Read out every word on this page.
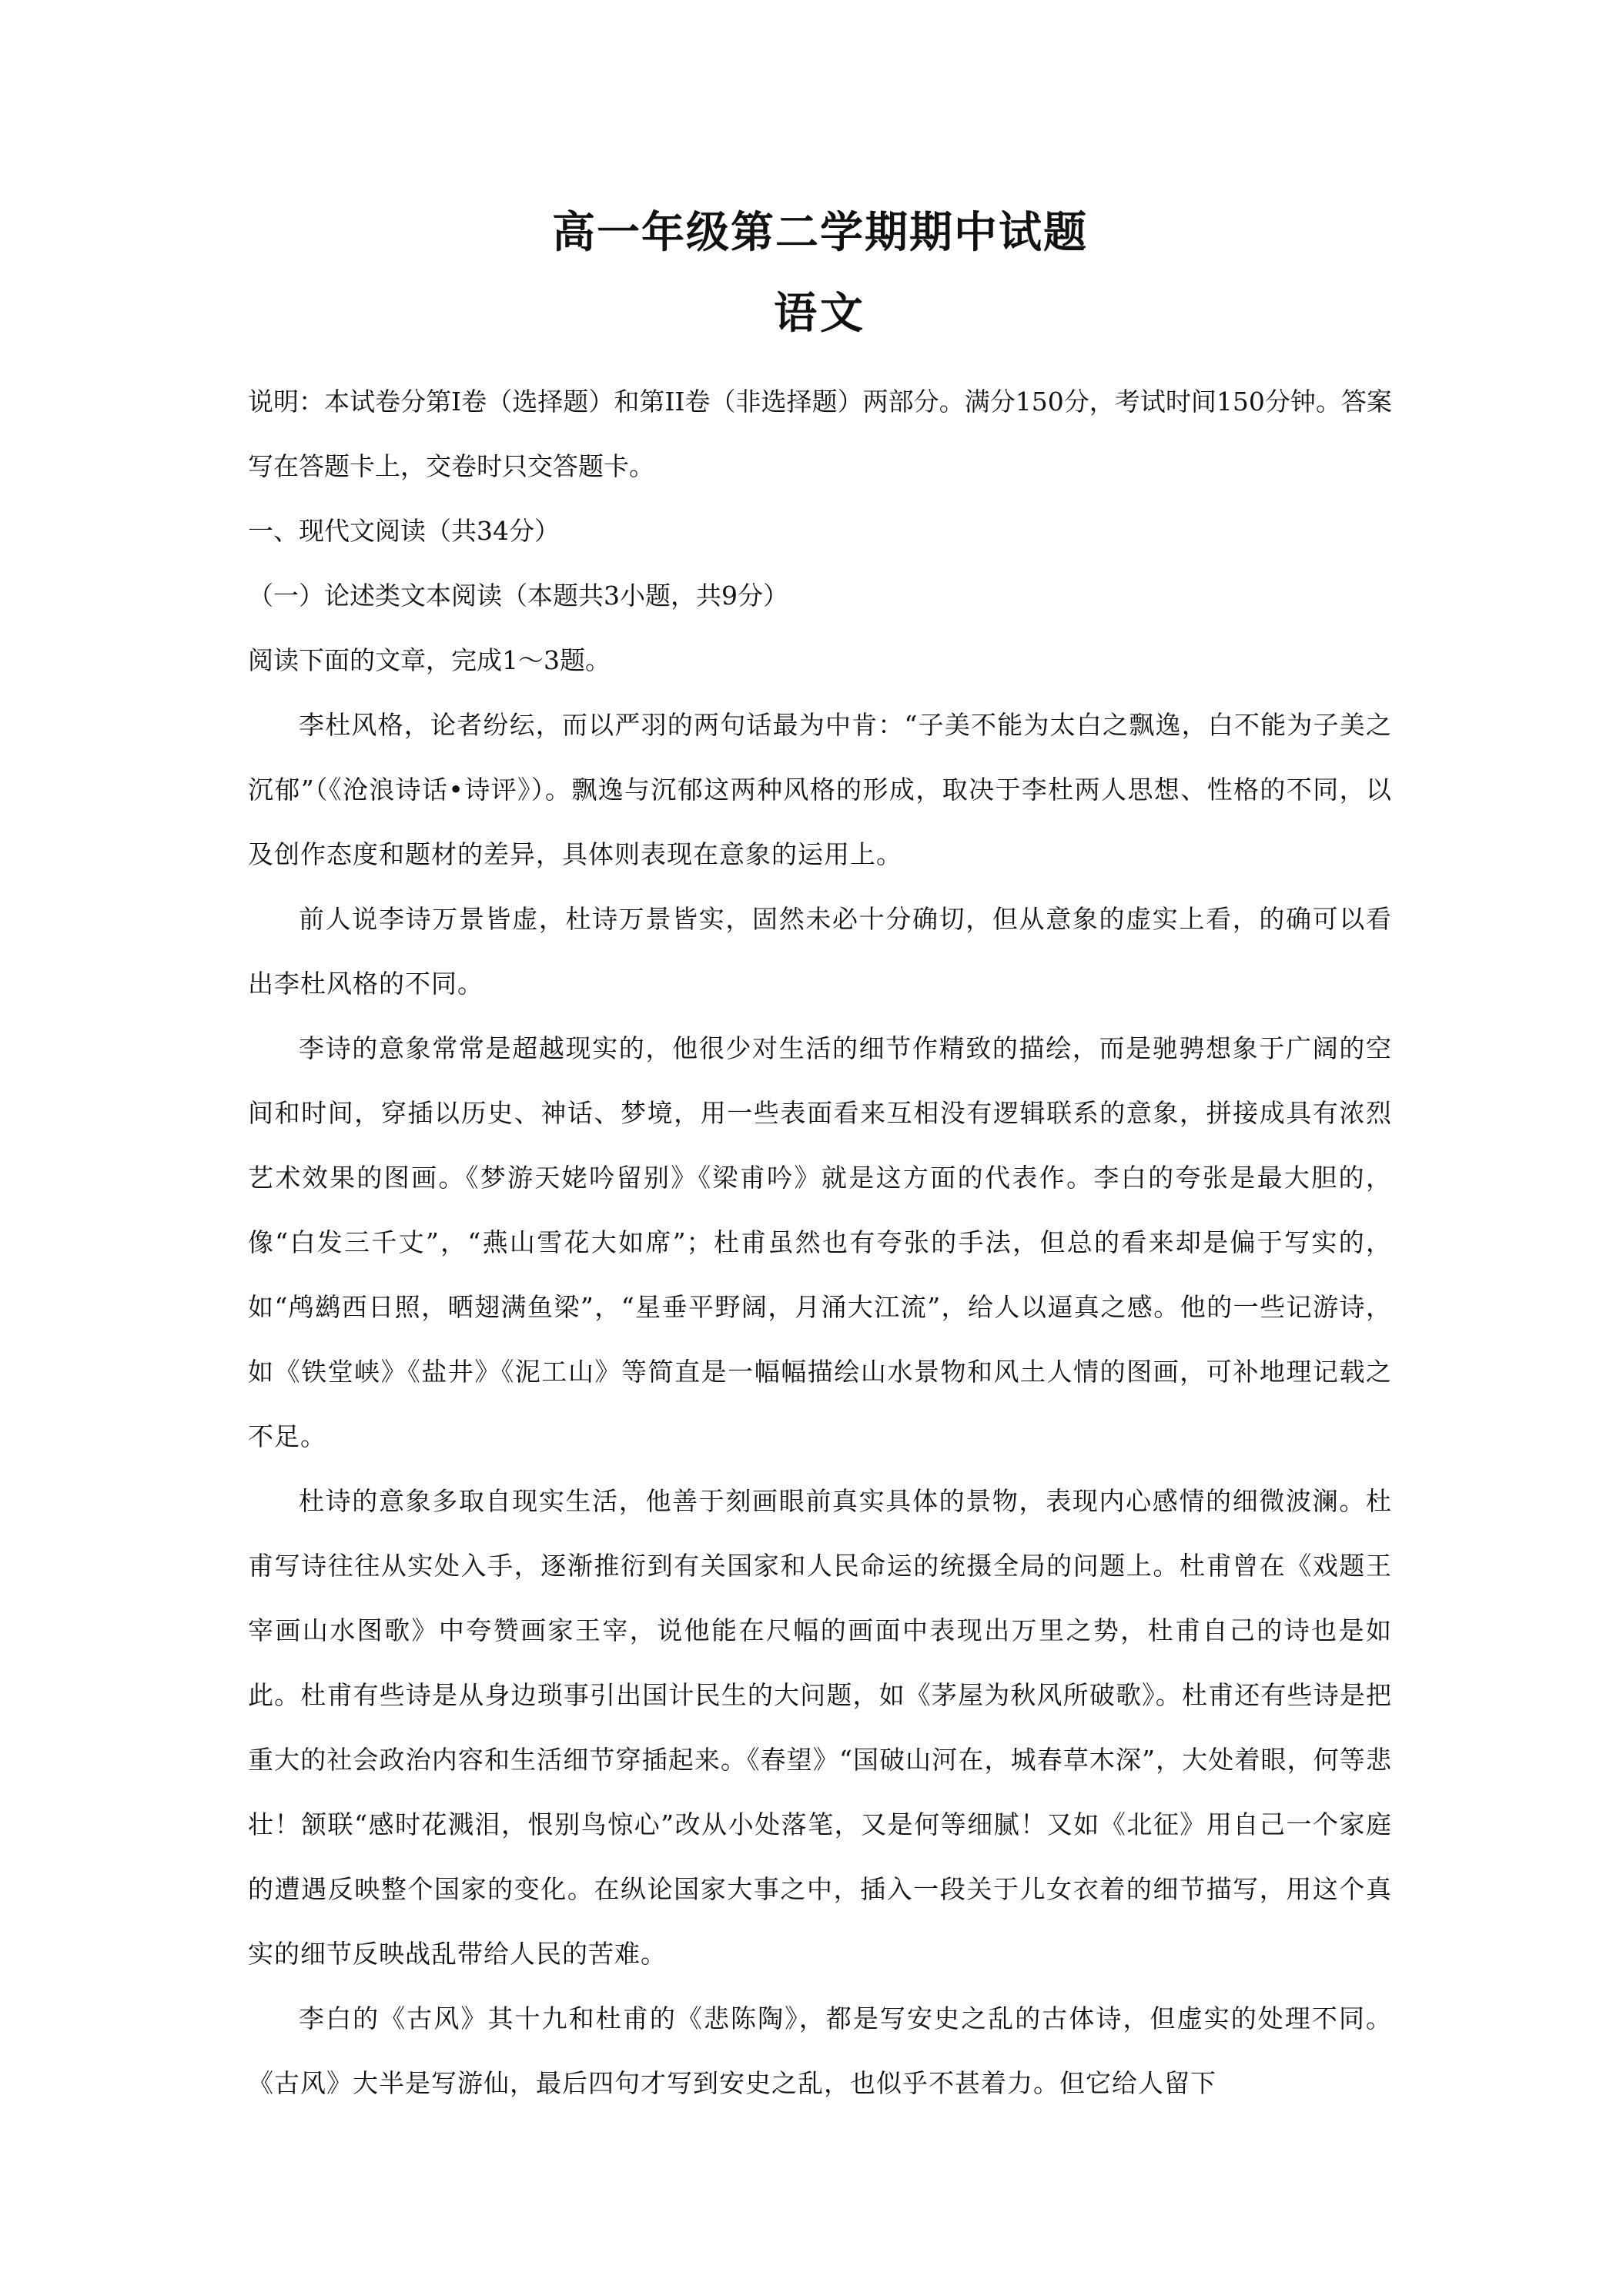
高一年级第二学期期中试题
语文

说明：本试卷分第I卷（选择题）和第II卷（非选择题）两部分。满分150分，考试时间150分钟。答案写在答题卡上，交卷时只交答题卡。

一、现代文阅读（共34分）

（一）论述类文本阅读（本题共3小题，共9分）

阅读下面的文章，完成1～3题。

李杜风格，论者纷纭，而以严羽的两句话最为中肯：“子美不能为太白之飘逸，白不能为子美之沉郁”（《沧浪诗话•诗评》）。飘逸与沉郁这两种风格的形成，取决于李杜两人思想、性格的不同，以及创作态度和题材的差异，具体则表现在意象的运用上。

前人说李诗万景皆虚，杜诗万景皆实，固然未必十分确切，但从意象的虚实上看，的确可以看出李杜风格的不同。

李诗的意象常常是超越现实的，他很少对生活的细节作精致的描绘，而是驰骋想象于广阔的空间和时间，穿插以历史、神话、梦境，用一些表面看来互相没有逻辑联系的意象，拼接成具有浓烈艺术效果的图画。《梦游天姥吟留别》《梁甫吟》就是这方面的代表作。李白的夸张是最大胆的，像“白发三千丈”，“燕山雪花大如席”；杜甫虽然也有夸张的手法，但总的看来却是偏于写实的，如“鸬鹚西日照，晒翅满鱼梁”，“星垂平野阔，月涌大江流”，给人以逼真之感。他的一些记游诗，如《铁堂峡》《盐井》《泥工山》等简直是一幅幅描绘山水景物和风土人情的图画，可补地理记载之不足。

杜诗的意象多取自现实生活，他善于刻画眼前真实具体的景物，表现内心感情的细微波澜。杜甫写诗往往从实处入手，逐渐推衍到有关国家和人民命运的统摄全局的问题上。杜甫曾在《戏题王宰画山水图歌》中夸赞画家王宰，说他能在尺幅的画面中表现出万里之势，杜甫自己的诗也是如此。杜甫有些诗是从身边琐事引出国计民生的大问题，如《茅屋为秋风所破歌》。杜甫还有些诗是把重大的社会政治内容和生活细节穿插起来。《春望》“国破山河在，城春草木深”，大处着眼，何等悲壮！颔联“感时花溅泪，恨别鸟惊心”改从小处落笔，又是何等细腻！又如《北征》用自己一个家庭的遭遇反映整个国家的变化。在纵论国家大事之中，插入一段关于儿女衣着的细节描写，用这个真实的细节反映战乱带给人民的苦难。

李白的《古风》其十九和杜甫的《悲陈陶》，都是写安史之乱的古体诗，但虚实的处理不同。《古风》大半是写游仙，最后四句才写到安史之乱，也似乎不甚着力。但它给人留下
